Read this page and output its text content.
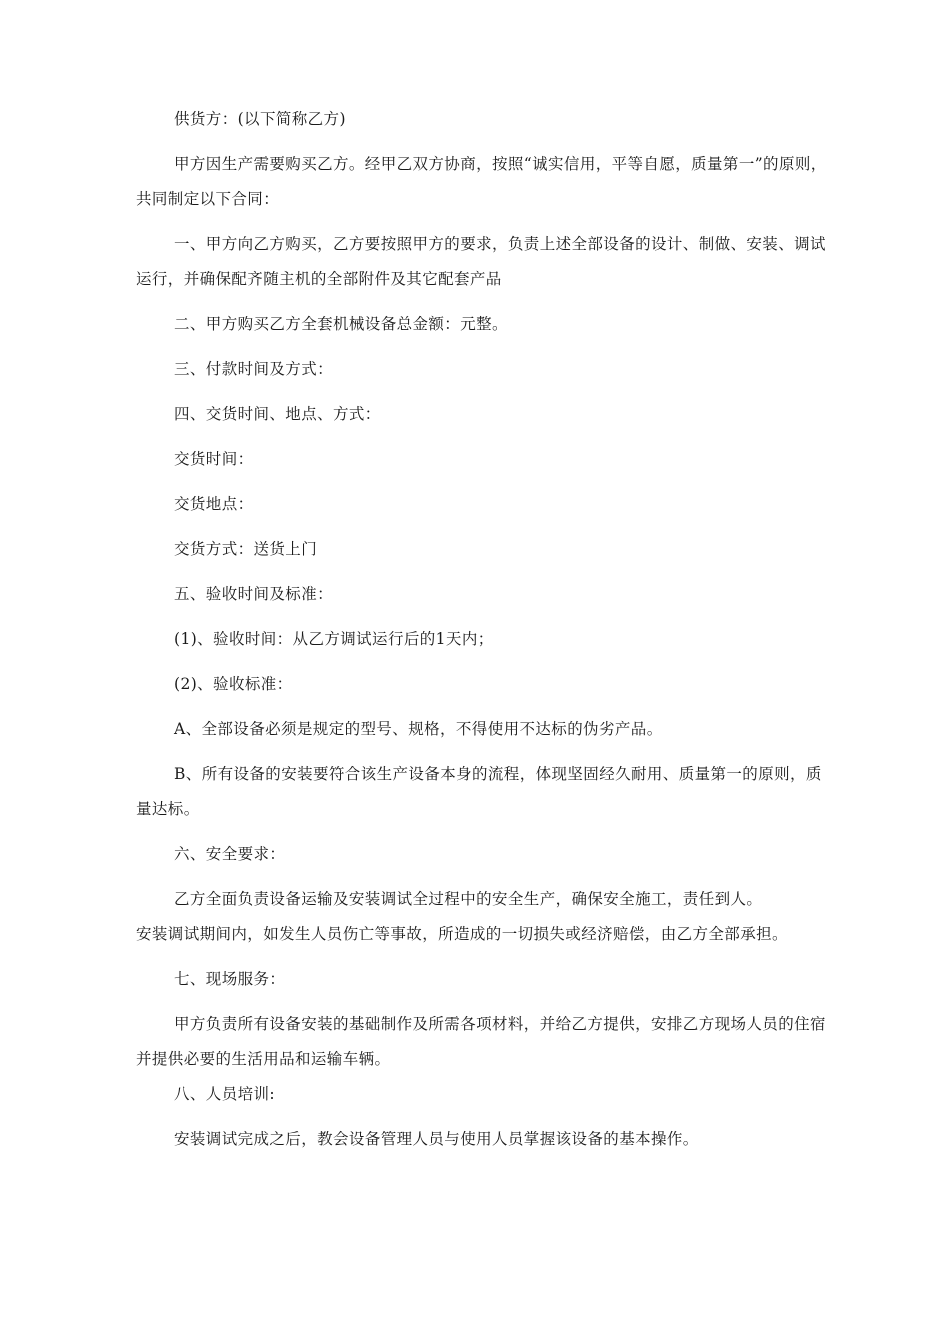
供货方：(以下简称乙方)

甲方因生产需要购买乙方。经甲乙双方协商，按照“诚实信用，平等自愿，质量第一”的原则，共同制定以下合同：

一、甲方向乙方购买，乙方要按照甲方的要求，负责上述全部设备的设计、制做、安装、调试运行，并确保配齐随主机的全部附件及其它配套产品

二、甲方购买乙方全套机械设备总金额：元整。

三、付款时间及方式：

四、交货时间、地点、方式：

交货时间：

交货地点：

交货方式：送货上门

五、验收时间及标准：

(1)、验收时间：从乙方调试运行后的1天内；

(2)、验收标准：

A、全部设备必须是规定的型号、规格，不得使用不达标的伪劣产品。

B、所有设备的安装要符合该生产设备本身的流程，体现坚固经久耐用、质量第一的原则，质量达标。

六、安全要求：

乙方全面负责设备运输及安装调试全过程中的安全生产，确保安全施工，责任到人。

安装调试期间内，如发生人员伤亡等事故，所造成的一切损失或经济赔偿，由乙方全部承担。

七、现场服务：

甲方负责所有设备安装的基础制作及所需各项材料，并给乙方提供，安排乙方现场人员的住宿并提供必要的生活用品和运输车辆。

八、人员培训:

安装调试完成之后，教会设备管理人员与使用人员掌握该设备的基本操作。
